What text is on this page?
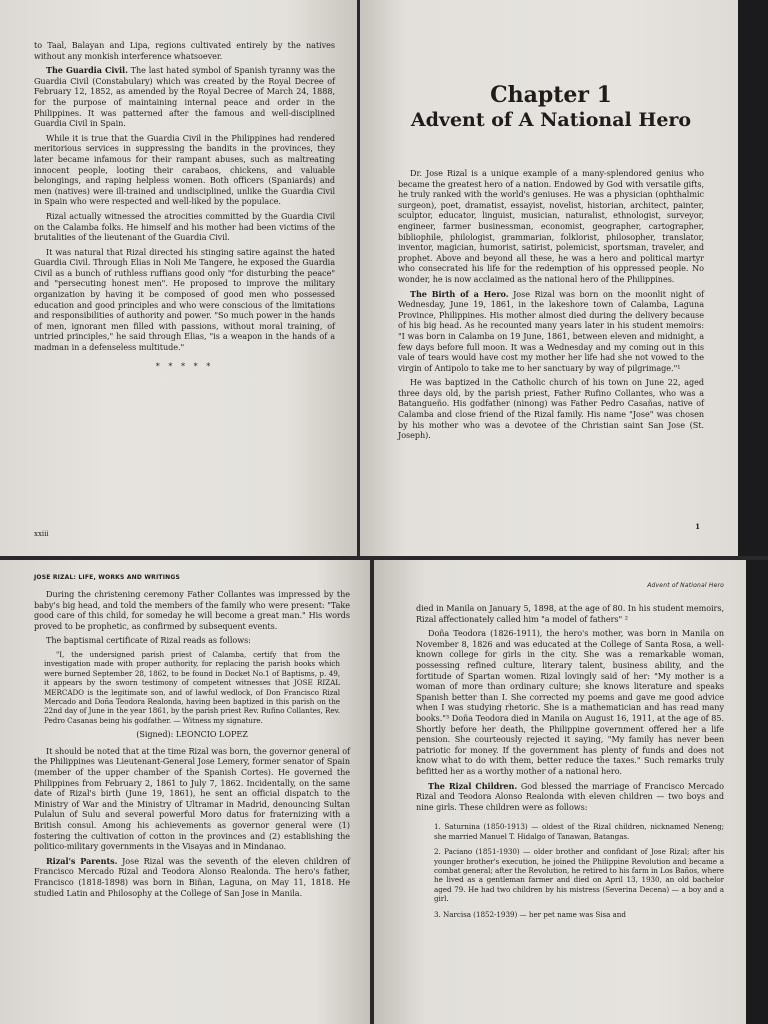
to Taal, Balayan and Lipa, regions cultivated entirely by the natives without any monkish interference whatsoever.

The Guardia Civil. The last hated symbol of Spanish tyranny was the Guardia Civil (Constabulary) which was created by the Royal Decree of February 12, 1852, as amended by the Royal Decree of March 24, 1888, for the purpose of maintaining internal peace and order in the Philippines. It was patterned after the famous and well-disciplined Guardia Civil in Spain.

While it is true that the Guardia Civil in the Philippines had rendered meritorious services in suppressing the bandits in the provinces, they later became infamous for their rampant abuses, such as maltreating innocent people, looting their carabaos, chickens, and valuable belongings, and raping helpless women. Both officers (Spaniards) and men (natives) were ill-trained and undisciplined, unlike the Guardia Civil in Spain who were respected and well-liked by the populace.

Rizal actually witnessed the atrocities committed by the Guardia Civil on the Calamba folks. He himself and his mother had been victims of the brutalities of the lieutenant of the Guardia Civil.

It was natural that Rizal directed his stinging satire against the hated Guardia Civil. Through Elias in Noli Me Tangere, he exposed the Guardia Civil as a bunch of ruthless ruffians good only "for disturbing the peace" and "persecuting honest men". He proposed to improve the military organization by having it be composed of good men who possessed education and good principles and who were conscious of the limitations and responsibilities of authority and power. "So much power in the hands of men, ignorant men filled with passions, without moral training, of untried principles," he said through Elias, "is a weapon in the hands of a madman in a defenseless multitude."

* * * * *

xxiii
Chapter 1
Advent of A National Hero

Dr. Jose Rizal is a unique example of a many-splendored genius who became the greatest hero of a nation. Endowed by God with versatile gifts, he truly ranked with the world's geniuses. He was a physician (ophthalmic surgeon), poet, dramatist, essayist, novelist, historian, architect, painter, sculptor, educator, linguist, musician, naturalist, ethnologist, surveyor, engineer, farmer businessman, economist, geographer, cartographer, bibliophile, philologist, grammarian, folklorist, philosopher, translator, inventor, magician, humorist, satirist, polemicist, sportsman, traveler, and prophet. Above and beyond all these, he was a hero and political martyr who consecrated his life for the redemption of his oppressed people. No wonder, he is now acclaimed as the national hero of the Philippines.

The Birth of a Hero. Jose Rizal was born on the moonlit night of Wednesday, June 19, 1861, in the lakeshore town of Calamba, Laguna Province, Philippines. His mother almost died during the delivery because of his big head. As he recounted many years later in his student memoirs: "I was born in Calamba on 19 June, 1861, between eleven and midnight, a few days before full moon. It was a Wednesday and my coming out in this vale of tears would have cost my mother her life had she not vowed to the virgin of Antipolo to take me to her sanctuary by way of pilgrimage."¹

He was baptized in the Catholic church of his town on June 22, aged three days old, by the parish priest, Father Rufino Collantes, who was a Batangueño. His godfather (ninong) was Father Pedro Casañas, native of Calamba and close friend of the Rizal family. His name "Jose" was chosen by his mother who was a devotee of the Christian saint San Jose (St. Joseph).

1
JOSE RIZAL: LIFE, WORKS AND WRITINGS

During the christening ceremony Father Collantes was impressed by the baby's big head, and told the members of the family who were present: "Take good care of this child, for someday he will become a great man." His words proved to be prophetic, as confirmed by subsequent events.

The baptismal certificate of Rizal reads as follows:

"I, the undersigned parish priest of Calamba, certify that from the investigation made with proper authority, for replacing the parish books which were burned September 28, 1862, to be found in Docket No.1 of Baptisms, p. 49, it appears by the sworn testimony of competent witnesses that JOSE RIZAL MERCADO is the legitimate son, and of lawful wedlock, of Don Francisco Rizal Mercado and Doña Teodora Realonda, having been baptized in this parish on the 22nd day of June in the year 1861, by the parish priest Rev. Rufino Collantes, Rev. Pedro Casanas being his godfather. — Witness my signature.

(Signed): LEONCIO LOPEZ

It should be noted that at the time Rizal was born, the governor general of the Philippines was Lieutenant-General Jose Lemery, former senator of Spain (member of the upper chamber of the Spanish Cortes). He governed the Philippines from February 2, 1861 to July 7, 1862. Incidentally, on the same date of Rizal's birth (June 19, 1861), he sent an official dispatch to the Ministry of War and the Ministry of Ultramar in Madrid, denouncing Sultan Pulalun of Sulu and several powerful Moro datus for fraternizing with a British consul. Among his achievements as governor general were (1) fostering the cultivation of cotton in the provinces and (2) establishing the politico-military governments in the Visayas and in Mindanao.

Rizal's Parents. Jose Rizal was the seventh of the eleven children of Francisco Mercado Rizal and Teodora Alonso Realonda. The hero's father, Francisco (1818-1898) was born in Biñan, Laguna, on May 11, 1818. He studied Latin and Philosophy at the College of San Jose in Manila.

Advent of National Hero

died in Manila on January 5, 1898, at the age of 80. In his student memoirs, Rizal affectionately called him "a model of fathers" ²

Doña Teodora (1826-1911), the hero's mother, was born in Manila on November 8, 1826 and was educated at the College of Santa Rosa, a well-known college for girls in the city. She was a remarkable woman, possessing refined culture, literary talent, business ability, and the fortitude of Spartan women. Rizal lovingly said of her: "My mother is a woman of more than ordinary culture; she knows literature and speaks Spanish better than I. She corrected my poems and gave me good advice when I was studying rhetoric. She is a mathematician and has read many books."³ Doña Teodora died in Manila on August 16, 1911, at the age of 85. Shortly before her death, the Philippine government offered her a life pension. She courteously rejected it saying, "My family has never been patriotic for money. If the government has plenty of funds and does not know what to do with them, better reduce the taxes." Such remarks truly befitted her as a worthy mother of a national hero.

The Rizal Children. God blessed the marriage of Francisco Mercado Rizal and Teodora Alonso Realonda with eleven children — two boys and nine girls. These children were as follows:

1. Saturnina (1850-1913) — oldest of the Rizal children, nicknamed Neneng; she married Manuel T. Hidalgo of Tanawan, Batangas.

2. Paciano (1851-1930) — older brother and confidant of Jose Rizal; after his younger brother's execution, he joined the Philippine Revolution and became a combat general; after the Revolution, he retired to his farm in Los Baños, where he lived as a gentleman farmer and died on April 13, 1930, an old bachelor aged 79. He had two children by his mistress (Severina Decena) — a boy and a girl.

3. Narcisa (1852-1939) — her pet name was Sisa and
